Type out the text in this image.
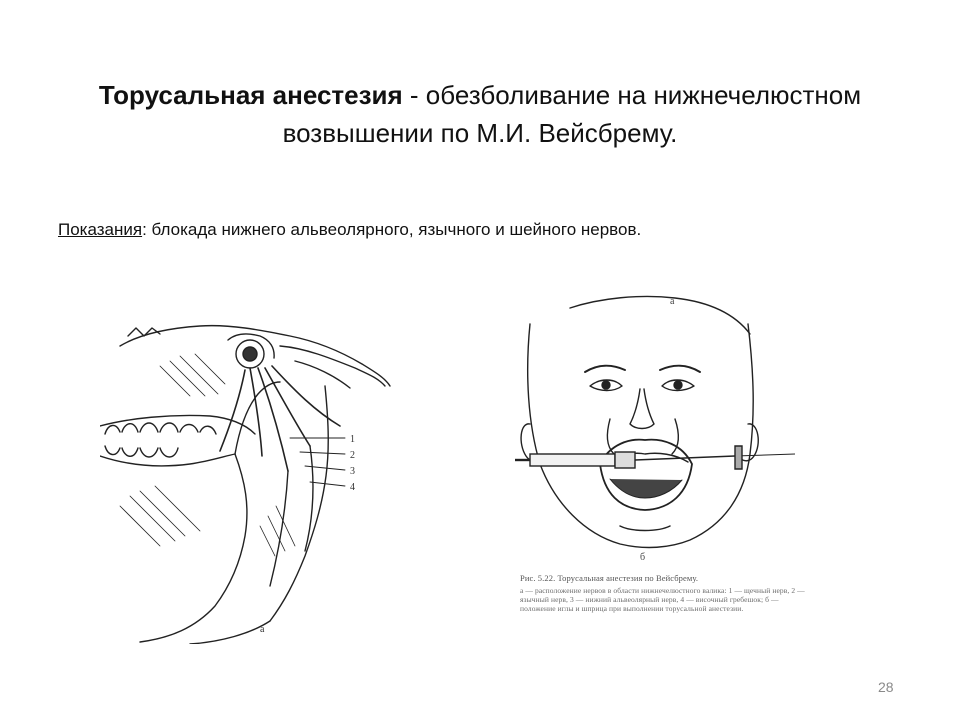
Торусальная анестезия - обезболивание на нижнечелюстном возвышении по М.И. Вейсбрему.
Показания: блокада нижнего альвеолярного, язычного и шейного нервов.
1
2
3
4
а
а
б
Рис. 5.22. Торусальная анестезия по Вейсбрему.
а — расположение нервов в области нижнечелюстного валика: 1 — щечный нерв, 2 — язычный нерв, 3 — нижний альвеолярный нерв, 4 — височный гребешок; б — положение иглы и шприца при выполнении торусальной анестезии.
28
